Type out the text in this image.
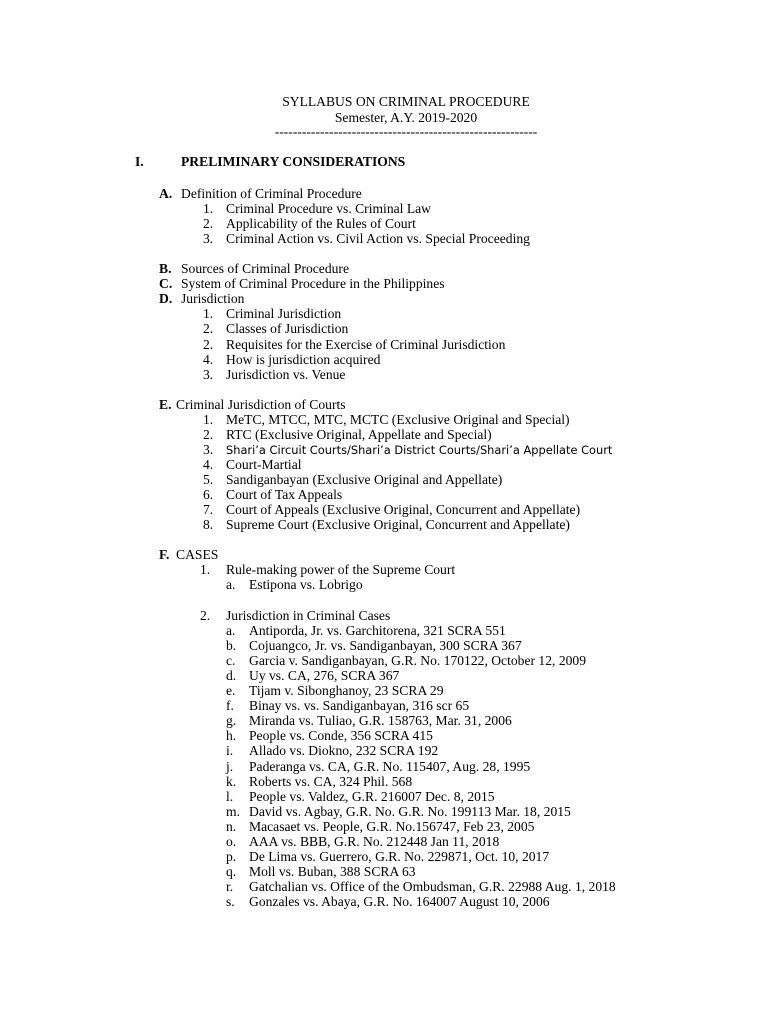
SYLLABUS ON CRIMINAL PROCEDURE
Semester, A.Y. 2019-2020
----------------------------------------------------------
I.	PRELIMINARY CONSIDERATIONS
A. Definition of Criminal Procedure
1. Criminal Procedure vs. Criminal Law
2. Applicability of the Rules of Court
3. Criminal Action vs. Civil Action vs. Special Proceeding
B. Sources of Criminal Procedure
C. System of Criminal Procedure in the Philippines
D. Jurisdiction
1. Criminal Jurisdiction
2. Classes of Jurisdiction
2. Requisites for the Exercise of Criminal Jurisdiction
4. How is jurisdiction acquired
3. Jurisdiction vs. Venue
E. Criminal Jurisdiction of Courts
1. MeTC, MTCC, MTC, MCTC (Exclusive Original and Special)
2. RTC (Exclusive Original, Appellate and Special)
3. Shari’a Circuit Courts/Shari’a District Courts/Shari’a Appellate Court
4. Court-Martial
5. Sandiganbayan (Exclusive Original and Appellate)
6. Court of Tax Appeals
7. Court of Appeals (Exclusive Original, Concurrent and Appellate)
8. Supreme Court (Exclusive Original, Concurrent and Appellate)
F. CASES
1. Rule-making power of the Supreme Court
a. Estipona vs. Lobrigo
2. Jurisdiction in Criminal Cases
a. Antiporda, Jr. vs. Garchitorena, 321 SCRA 551
b. Cojuangco, Jr. vs. Sandiganbayan, 300 SCRA 367
c. Garcia v. Sandiganbayan, G.R. No. 170122, October 12, 2009
d. Uy vs. CA, 276, SCRA 367
e. Tijam v. Sibonghanoy, 23 SCRA 29
f. Binay vs. vs. Sandiganbayan, 316 scr 65
g. Miranda vs. Tuliao, G.R. 158763, Mar. 31, 2006
h. People vs. Conde, 356 SCRA 415
i. Allado vs. Diokno, 232 SCRA 192
j. Paderanga vs. CA, G.R. No. 115407, Aug. 28, 1995
k. Roberts vs. CA, 324 Phil. 568
l. People vs. Valdez, G.R. 216007 Dec. 8, 2015
m. David vs. Agbay, G.R. No. G.R. No. 199113 Mar. 18, 2015
n. Macasaet vs. People, G.R. No.156747, Feb 23, 2005
o. AAA vs. BBB, G.R. No. 212448 Jan 11, 2018
p. De Lima vs. Guerrero, G.R. No. 229871, Oct. 10, 2017
q. Moll vs. Buban, 388 SCRA 63
r. Gatchalian vs. Office of the Ombudsman, G.R. 22988 Aug. 1, 2018
s. Gonzales vs. Abaya, G.R. No. 164007 August 10, 2006
